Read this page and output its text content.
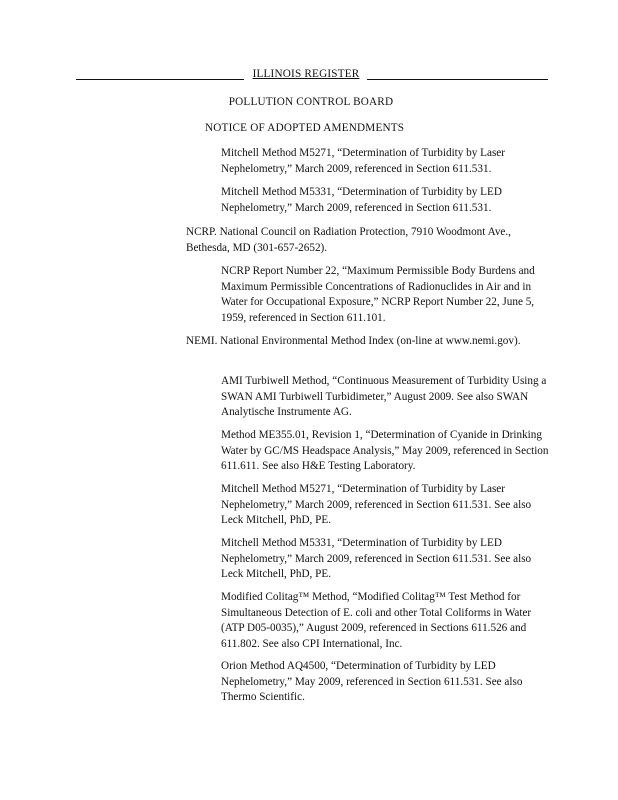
ILLINOIS REGISTER
POLLUTION CONTROL BOARD
NOTICE OF ADOPTED AMENDMENTS

Mitchell Method M5271, “Determination of Turbidity by Laser Nephelometry,” March 2009, referenced in Section 611.531.

Mitchell Method M5331, “Determination of Turbidity by LED Nephelometry,” March 2009, referenced in Section 611.531.

NCRP. National Council on Radiation Protection, 7910 Woodmont Ave., Bethesda, MD (301-657-2652).

NCRP Report Number 22, “Maximum Permissible Body Burdens and Maximum Permissible Concentrations of Radionuclides in Air and in Water for Occupational Exposure,” NCRP Report Number 22, June 5, 1959, referenced in Section 611.101.

NEMI. National Environmental Method Index (on-line at www.nemi.gov).

AMI Turbiwell Method, “Continuous Measurement of Turbidity Using a SWAN AMI Turbiwell Turbidimeter,” August 2009. See also SWAN Analytische Instrumente AG.

Method ME355.01, Revision 1, “Determination of Cyanide in Drinking Water by GC/MS Headspace Analysis,” May 2009, referenced in Section 611.611. See also H&E Testing Laboratory.

Mitchell Method M5271, “Determination of Turbidity by Laser Nephelometry,” March 2009, referenced in Section 611.531. See also Leck Mitchell, PhD, PE.

Mitchell Method M5331, “Determination of Turbidity by LED Nephelometry,” March 2009, referenced in Section 611.531. See also Leck Mitchell, PhD, PE.

Modified Colitag™ Method, “Modified Colitag™ Test Method for Simultaneous Detection of E. coli and other Total Coliforms in Water (ATP D05-0035),” August 2009, referenced in Sections 611.526 and 611.802. See also CPI International, Inc.

Orion Method AQ4500, “Determination of Turbidity by LED Nephelometry,” May 2009, referenced in Section 611.531. See also Thermo Scientific.
